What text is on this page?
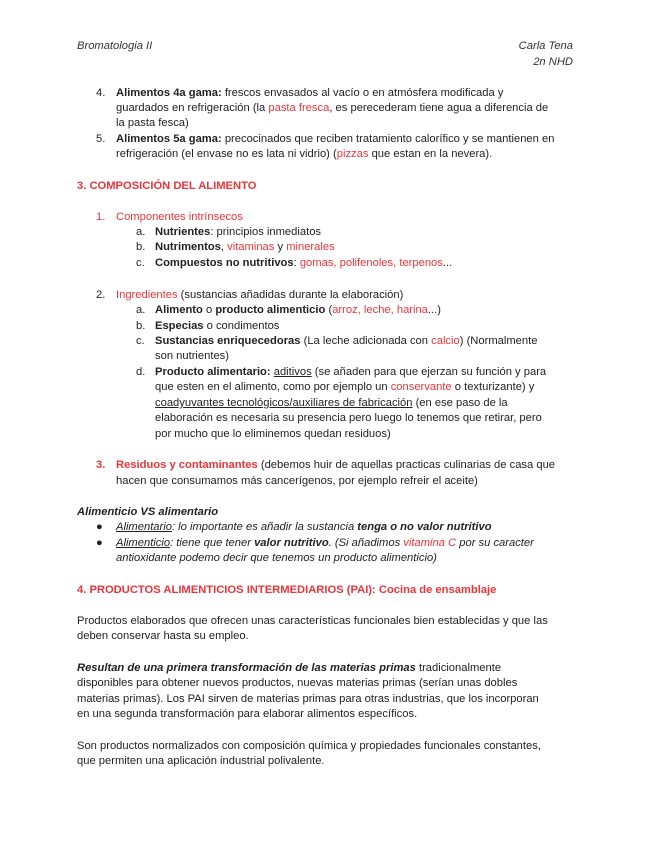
Bromatologia II	Carla Tena
2n NHD
4. Alimentos 4a gama: frescos envasados al vacío o en atmósfera modificada y
guardados en refrigeración (la pasta fresca, es perecederam tiene agua a diferencia de
la pasta fesca)
5. Alimentos 5a gama: precocinados que reciben tratamiento calorífico y se mantienen en
refrigeración (el envase no es lata ni vidrio) (pizzas que estan en la nevera).
3. COMPOSICIÓN DEL ALIMENTO
1. Componentes intrínsecos
a. Nutrientes: principios inmediatos
b. Nutrimentos, vitaminas y minerales
c. Compuestos no nutritivos: gomas, polifenoles, terpenos...
2. Ingredientes (sustancias añadidas durante la elaboración)
a. Alimento o producto alimenticio (arroz, leche, harina...)
b. Especias o condimentos
c. Sustancias enriquecedoras (La leche adicionada con calcio) (Normalmente
son nutrientes)
d. Producto alimentario: aditivos (se añaden para que ejerzan su función y para
que esten en el alimento, como por ejemplo un conservante o texturizante) y
coadyuvantes tecnológicos/auxiliares de fabricación (en ese paso de la
elaboración es necesaria su presencia pero luego lo tenemos que retirar, pero
por mucho que lo eliminemos quedan residuos)
3. Residuos y contaminantes (debemos huir de aquellas practicas culinarias de casa que
hacen que consumamos más cancerígenos, por ejemplo refreir el aceite)
Alimenticio VS alimentario
● Alimentario: lo importante es añadir la sustancia tenga o no valor nutritivo
● Alimenticio: tiene que tener valor nutritivo. (Si añadimos vitamina C por su caracter
antioxidante podemo decir que tenemos un producto alimenticio)
4. PRODUCTOS ALIMENTICIOS INTERMEDIARIOS (PAI): Cocina de ensamblaje
Productos elaborados que ofrecen unas características funcionales bien establecidas y que las
deben conservar hasta su empleo.
Resultan de una primera transformación de las materias primas tradicionalmente
disponibles para obtener nuevos productos, nuevas materias primas (serían unas dobles
materias primas). Los PAI sirven de materias primas para otras industrias, que los incorporan
en una segunda transformación para elaborar alimentos específicos.
Son productos normalizados con composición química y propiedades funcionales constantes,
que permiten una aplicación industrial polivalente.
